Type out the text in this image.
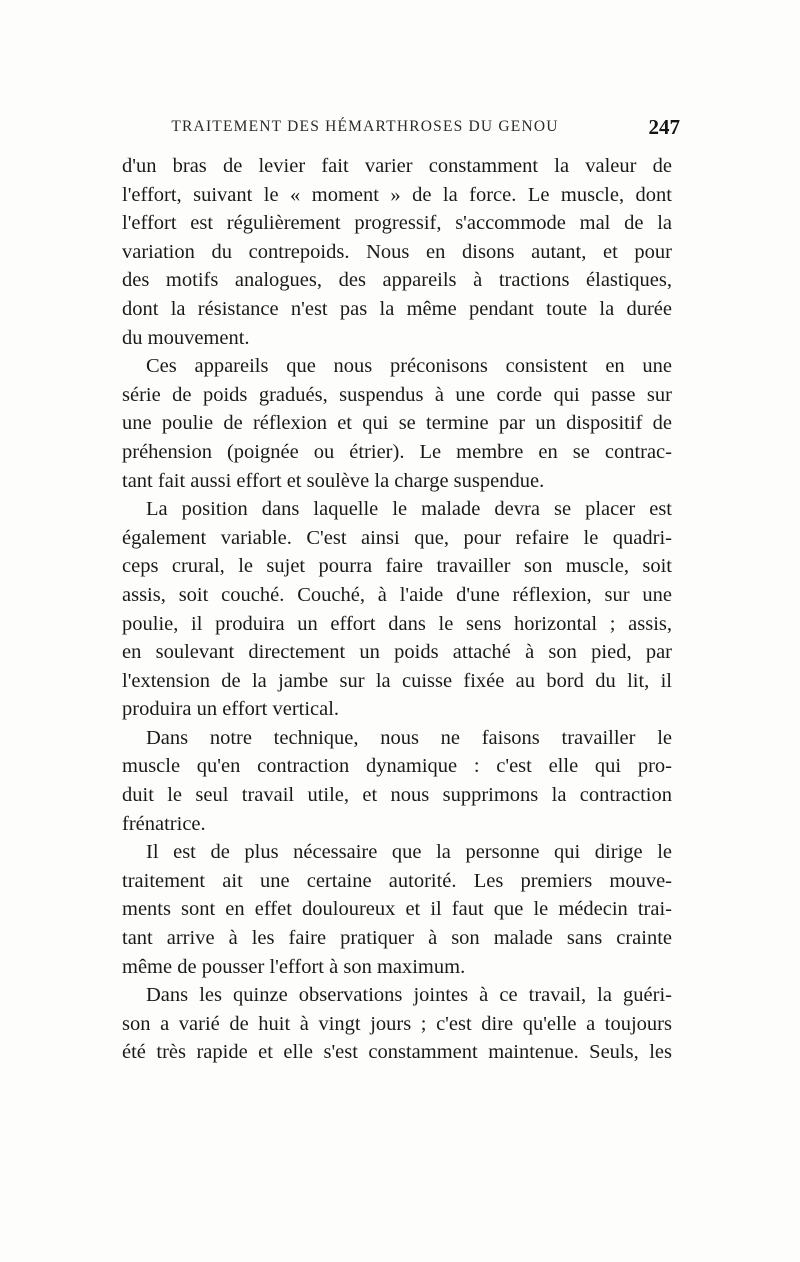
TRAITEMENT DES HÉMARTHROSES DU GENOU	247
d'un bras de levier fait varier constamment la valeur de
l'effort, suivant le « moment » de la force. Le muscle, dont
l'effort est régulièrement progressif, s'accommode mal de la
variation du contrepoids. Nous en disons autant, et pour
des motifs analogues, des appareils à tractions élastiques,
dont la résistance n'est pas la même pendant toute la durée
du mouvement.
Ces appareils que nous préconisons consistent en une
série de poids gradués, suspendus à une corde qui passe sur
une poulie de réflexion et qui se termine par un dispositif de
préhension (poignée ou étrier). Le membre en se contrac-
tant fait aussi effort et soulève la charge suspendue.
La position dans laquelle le malade devra se placer est
également variable. C'est ainsi que, pour refaire le quadri-
ceps crural, le sujet pourra faire travailler son muscle, soit
assis, soit couché. Couché, à l'aide d'une réflexion, sur une
poulie, il produira un effort dans le sens horizontal ; assis,
en soulevant directement un poids attaché à son pied, par
l'extension de la jambe sur la cuisse fixée au bord du lit, il
produira un effort vertical.
Dans notre technique, nous ne faisons travailler le
muscle qu'en contraction dynamique : c'est elle qui pro-
duit le seul travail utile, et nous supprimons la contraction
frénatrice.
Il est de plus nécessaire que la personne qui dirige le
traitement ait une certaine autorité. Les premiers mouve-
ments sont en effet douloureux et il faut que le médecin trai-
tant arrive à les faire pratiquer à son malade sans crainte
même de pousser l'effort à son maximum.
Dans les quinze observations jointes à ce travail, la guéri-
son a varié de huit à vingt jours ; c'est dire qu'elle a toujours
été très rapide et elle s'est constamment maintenue. Seuls, les
